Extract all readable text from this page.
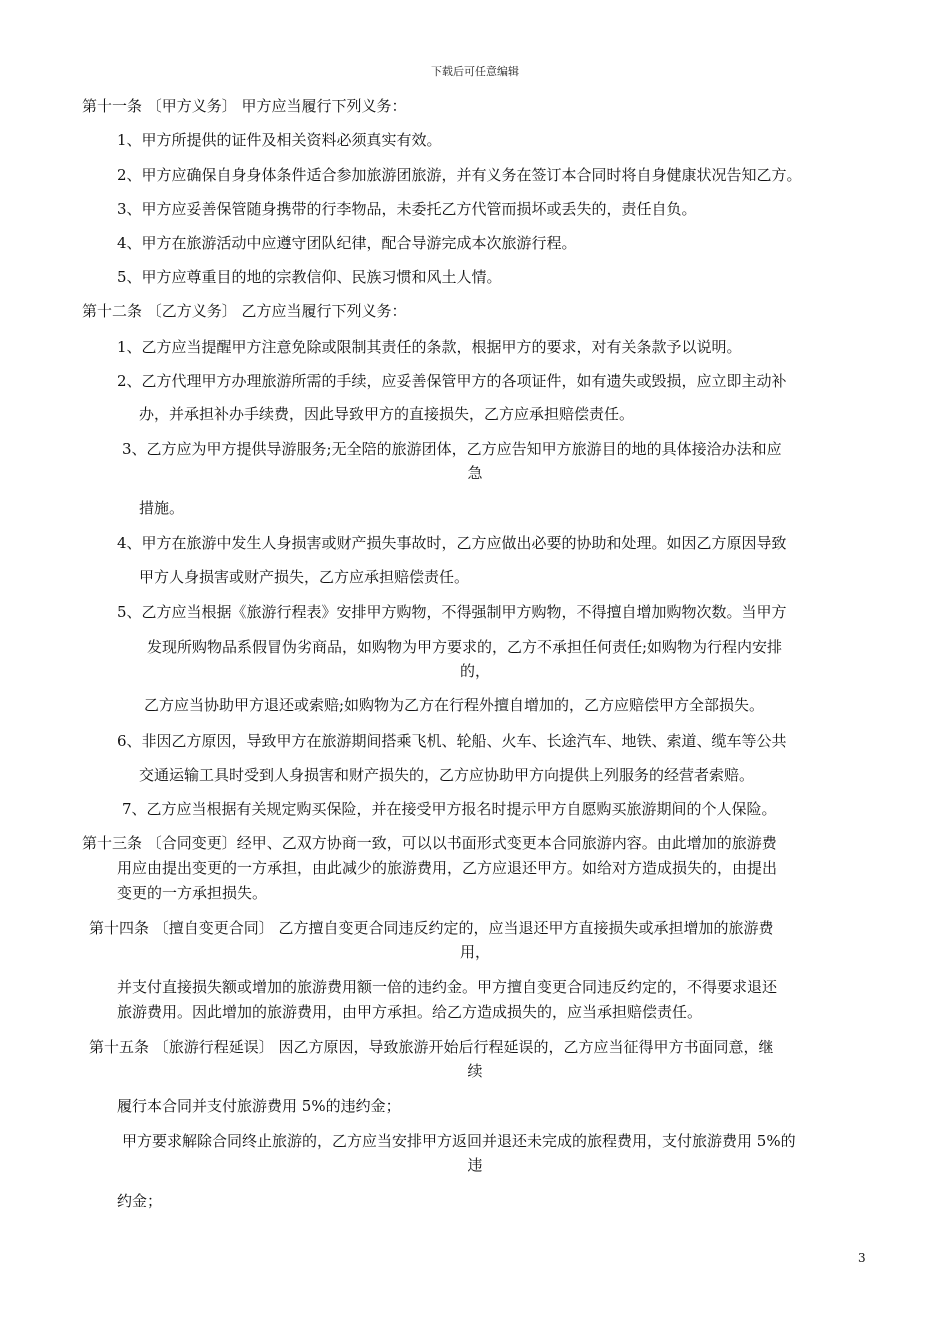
下载后可任意编辑
第十一条 〔甲方义务〕 甲方应当履行下列义务：
1、甲方所提供的证件及相关资料必须真实有效。
2、甲方应确保自身身体条件适合参加旅游团旅游，并有义务在签订本合同时将自身健康状况告知乙方。
3、甲方应妥善保管随身携带的行李物品，未委托乙方代管而损坏或丢失的，责任自负。
4、甲方在旅游活动中应遵守团队纪律，配合导游完成本次旅游行程。
5、甲方应尊重目的地的宗教信仰、民族习惯和风土人情。
第十二条 〔乙方义务〕 乙方应当履行下列义务：
1、乙方应当提醒甲方注意免除或限制其责任的条款，根据甲方的要求，对有关条款予以说明。
2、乙方代理甲方办理旅游所需的手续，应妥善保管甲方的各项证件，如有遗失或毁损，应立即主动补
办，并承担补办手续费，因此导致甲方的直接损失，乙方应承担赔偿责任。
3、乙方应为甲方提供导游服务;无全陪的旅游团体，乙方应告知甲方旅游目的地的具体接洽办法和应
急
措施。
4、甲方在旅游中发生人身损害或财产损失事故时，乙方应做出必要的协助和处理。如因乙方原因导致
甲方人身损害或财产损失，乙方应承担赔偿责任。
5、乙方应当根据《旅游行程表》安排甲方购物，不得强制甲方购物，不得擅自增加购物次数。当甲方
发现所购物品系假冒伪劣商品，如购物为甲方要求的，乙方不承担任何责任;如购物为行程内安排
的，
乙方应当协助甲方退还或索赔;如购物为乙方在行程外擅自增加的，乙方应赔偿甲方全部损失。
6、非因乙方原因，导致甲方在旅游期间搭乘飞机、轮船、火车、长途汽车、地铁、索道、缆车等公共
交通运输工具时受到人身损害和财产损失的，乙方应协助甲方向提供上列服务的经营者索赔。
7、乙方应当根据有关规定购买保险，并在接受甲方报名时提示甲方自愿购买旅游期间的个人保险。
第十三条 〔合同变更〕经甲、乙双方协商一致，可以以书面形式变更本合同旅游内容。由此增加的旅游费
用应由提出变更的一方承担，由此减少的旅游费用，乙方应退还甲方。如给对方造成损失的，由提出
变更的一方承担损失。
第十四条 〔擅自变更合同〕 乙方擅自变更合同违反约定的，应当退还甲方直接损失或承担增加的旅游费
用，
并支付直接损失额或增加的旅游费用额一倍的违约金。甲方擅自变更合同违反约定的，不得要求退还
旅游费用。因此增加的旅游费用，由甲方承担。给乙方造成损失的，应当承担赔偿责任。
第十五条 〔旅游行程延误〕 因乙方原因，导致旅游开始后行程延误的，乙方应当征得甲方书面同意，继
续
履行本合同并支付旅游费用 5%的违约金；
甲方要求解除合同终止旅游的，乙方应当安排甲方返回并退还未完成的旅程费用，支付旅游费用 5%的
违
约金；
3
